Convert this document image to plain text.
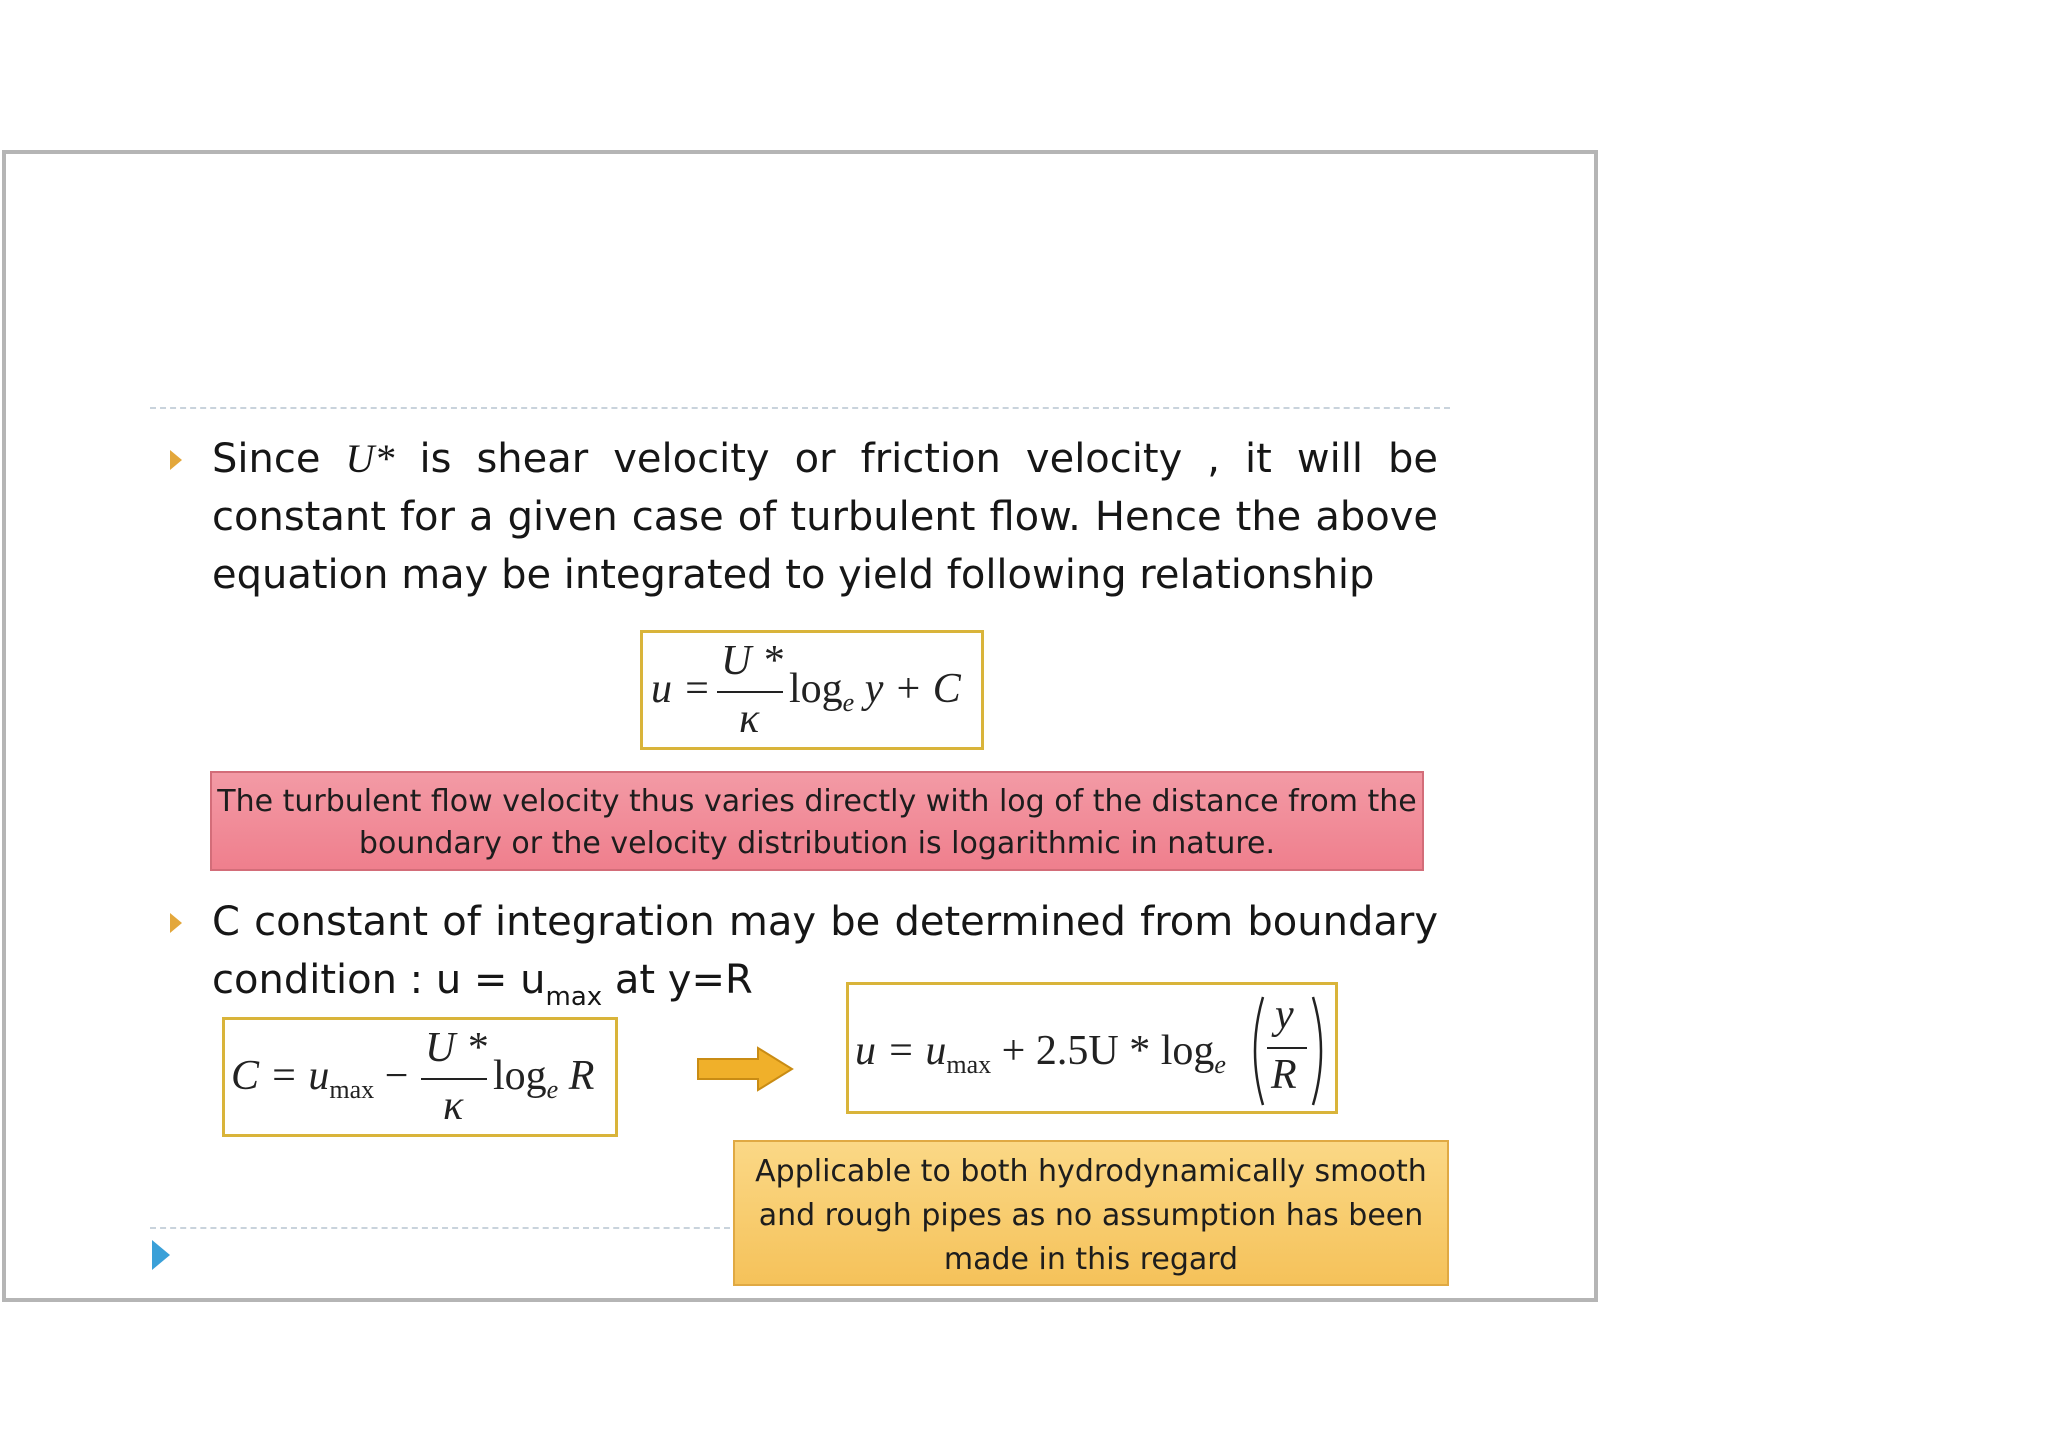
Since U* is shear velocity or friction velocity , it will be
constant for a given case of turbulent flow. Hence the above
equation may be integrated to yield following relationship
u =
U *
κ
$\log_e y + C$
The turbulent flow velocity thus varies directly with log of the distance from the
boundary or the velocity distribution is logarithmic in nature.
C constant of integration may be determined from boundary
condition : $u = u_{max}$ at y=R
$C = u_{max}$ −
U *
κ
$\log_e R$
$u = u_{max} + 2.5U * \log_e$
y
R
Applicable to both hydrodynamically smooth
and rough pipes as no assumption has been
made in this regard
